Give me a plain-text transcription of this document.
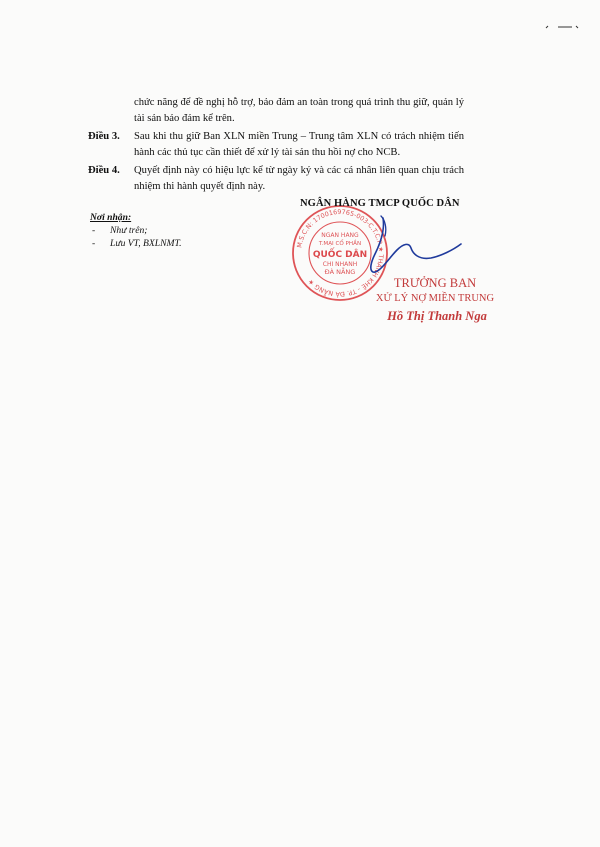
chức năng để đề nghị hỗ trợ, bảo đảm an toàn trong quá trình thu giữ, quản lý tài sản bảo đảm kể trên.
Điều 3.	Sau khi thu giữ Ban XLN miền Trung – Trung tâm XLN có trách nhiệm tiến hành các thủ tục cần thiết để xử lý tài sản thu hồi nợ cho NCB.
Điều 4.	Quyết định này có hiệu lực kể từ ngày ký và các cá nhân liên quan chịu trách nhiệm thi hành quyết định này.
Nơi nhận:
- Như trên;
- Lưu VT, BXLNMT.	M.S.C.N: 1700169765-003-C.T.C.P ★ THANH KHÊ - TP. ĐÀ NẴNG ★
NGÂN HÀNG
T.MẠI CỔ PHẦN
QUỐC DÂN
CHI NHÁNH
ĐÀ NẴNG
NGÂN HÀNG TMCP QUỐC DÂN
TRƯỞNG BAN
XỬ LÝ NỢ MIỀN TRUNG
Hồ Thị Thanh Nga
